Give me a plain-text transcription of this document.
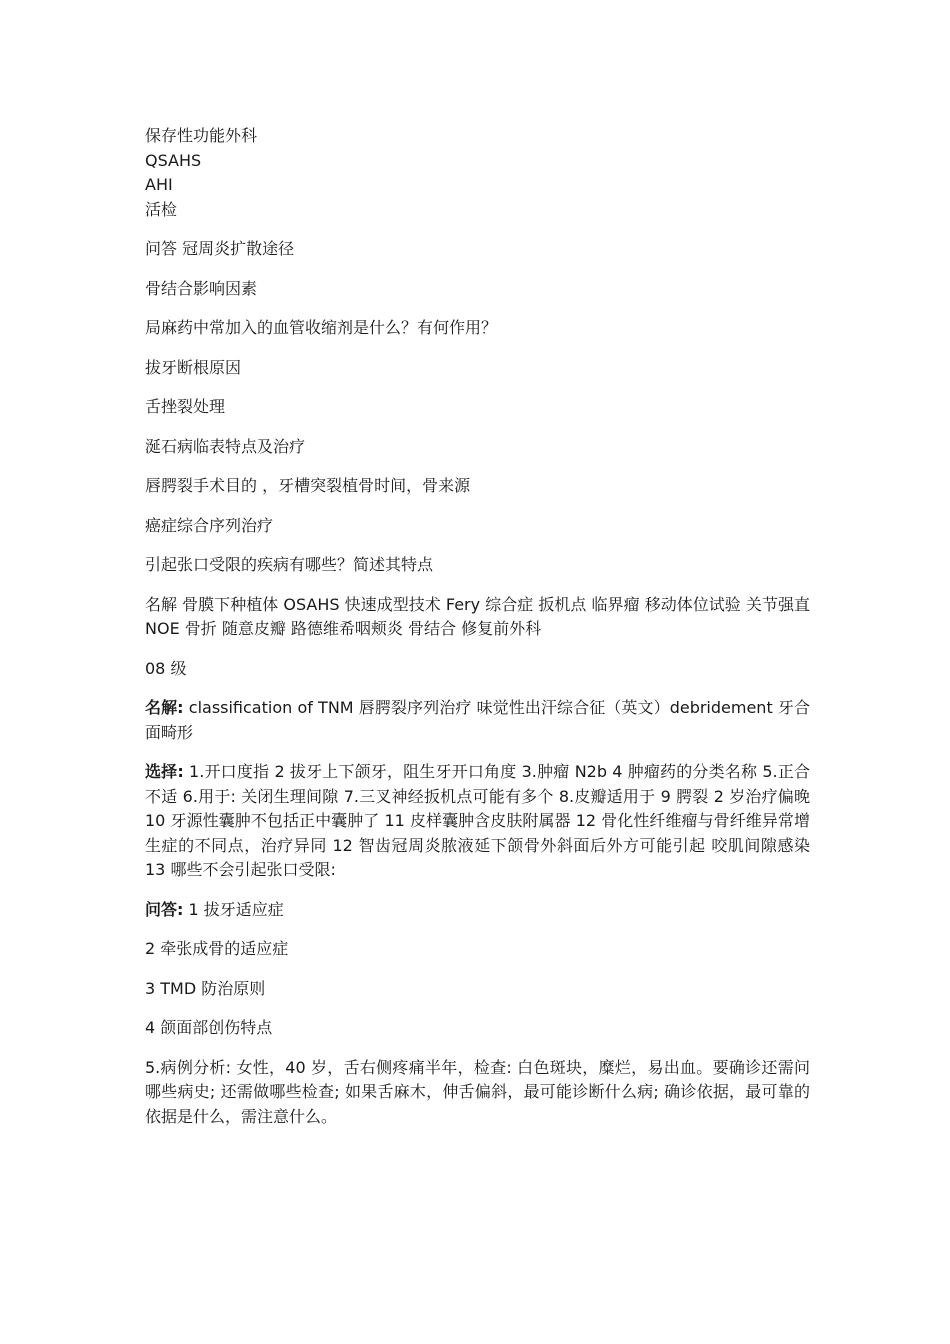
保存性功能外科
QSAHS
AHI
活检

问答 冠周炎扩散途径

骨结合影响因素

局麻药中常加入的血管收缩剂是什么？有何作用？

拔牙断根原因

舌挫裂处理

涎石病临表特点及治疗

唇腭裂手术目的 ，牙槽突裂植骨时间，骨来源

癌症综合序列治疗

引起张口受限的疾病有哪些？简述其特点

名解 骨膜下种植体 OSAHS 快速成型技术 Fery 综合症 扳机点 临界瘤 移动体位试验 关节强直 NOE 骨折 随意皮瓣 路德维希咽颊炎 骨结合 修复前外科

08 级

名解: classification of TNM 唇腭裂序列治疗 味觉性出汗综合征（英文）debridement 牙合面畸形

选择: 1.开口度指 2 拔牙上下颌牙，阻生牙开口角度 3.肿瘤 N2b 4 肿瘤药的分类名称 5.正合不适 6.用于: 关闭生理间隙 7.三叉神经扳机点可能有多个 8.皮瓣适用于 9 腭裂 2 岁治疗偏晚 10 牙源性囊肿不包括正中囊肿了 11 皮样囊肿含皮肤附属器 12 骨化性纤维瘤与骨纤维异常增生症的不同点，治疗异同 12 智齿冠周炎脓液延下颌骨外斜面后外方可能引起 咬肌间隙感染 13 哪些不会引起张口受限:

问答: 1 拔牙适应症

2 牵张成骨的适应症

3 TMD 防治原则

4 颌面部创伤特点

5.病例分析: 女性，40 岁，舌右侧疼痛半年，检查: 白色斑块，糜烂，易出血。要确诊还需问哪些病史; 还需做哪些检查; 如果舌麻木，伸舌偏斜，最可能诊断什么病; 确诊依据，最可靠的依据是什么，需注意什么。
